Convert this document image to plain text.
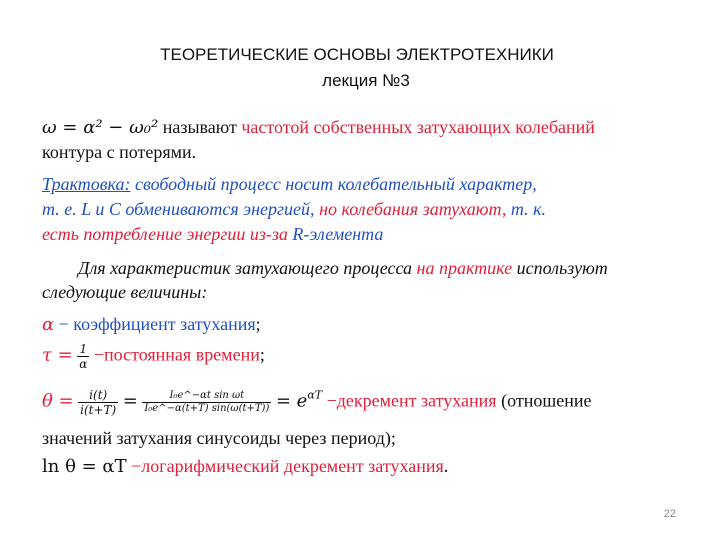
ТЕОРЕТИЧЕСКИЕ ОСНОВЫ ЭЛЕКТРОТЕХНИКИ
лекция №3
ω = α² − ω₀² называют частотой собственных затухающих колебаний
контура с потерями.
Трактовка: свободный процесс носит колебательный характер,
т. е. L и C обмениваются энергией, но колебания затухают, т. к.
есть потребление энергии из-за R-элемента
Для характеристик затухающего процесса на практике используют
следующие величины:
α − коэффициент затухания;
$\tau = \frac{1}{\alpha}$ −постоянная времени;
$\theta = \frac{i(t)}{i(t+T)} = \frac{\text{I₀e\textasciicircum{}−αt sin ωt}}{\text{I₀e\textasciicircum{}−α(t+T) sin(ω(t+T))}} = e^{\alpha T}$ −декремент затухания (отношение
значений затухания синусоиды через период);
ln θ = αT −логарифмический декремент затухания.
22
